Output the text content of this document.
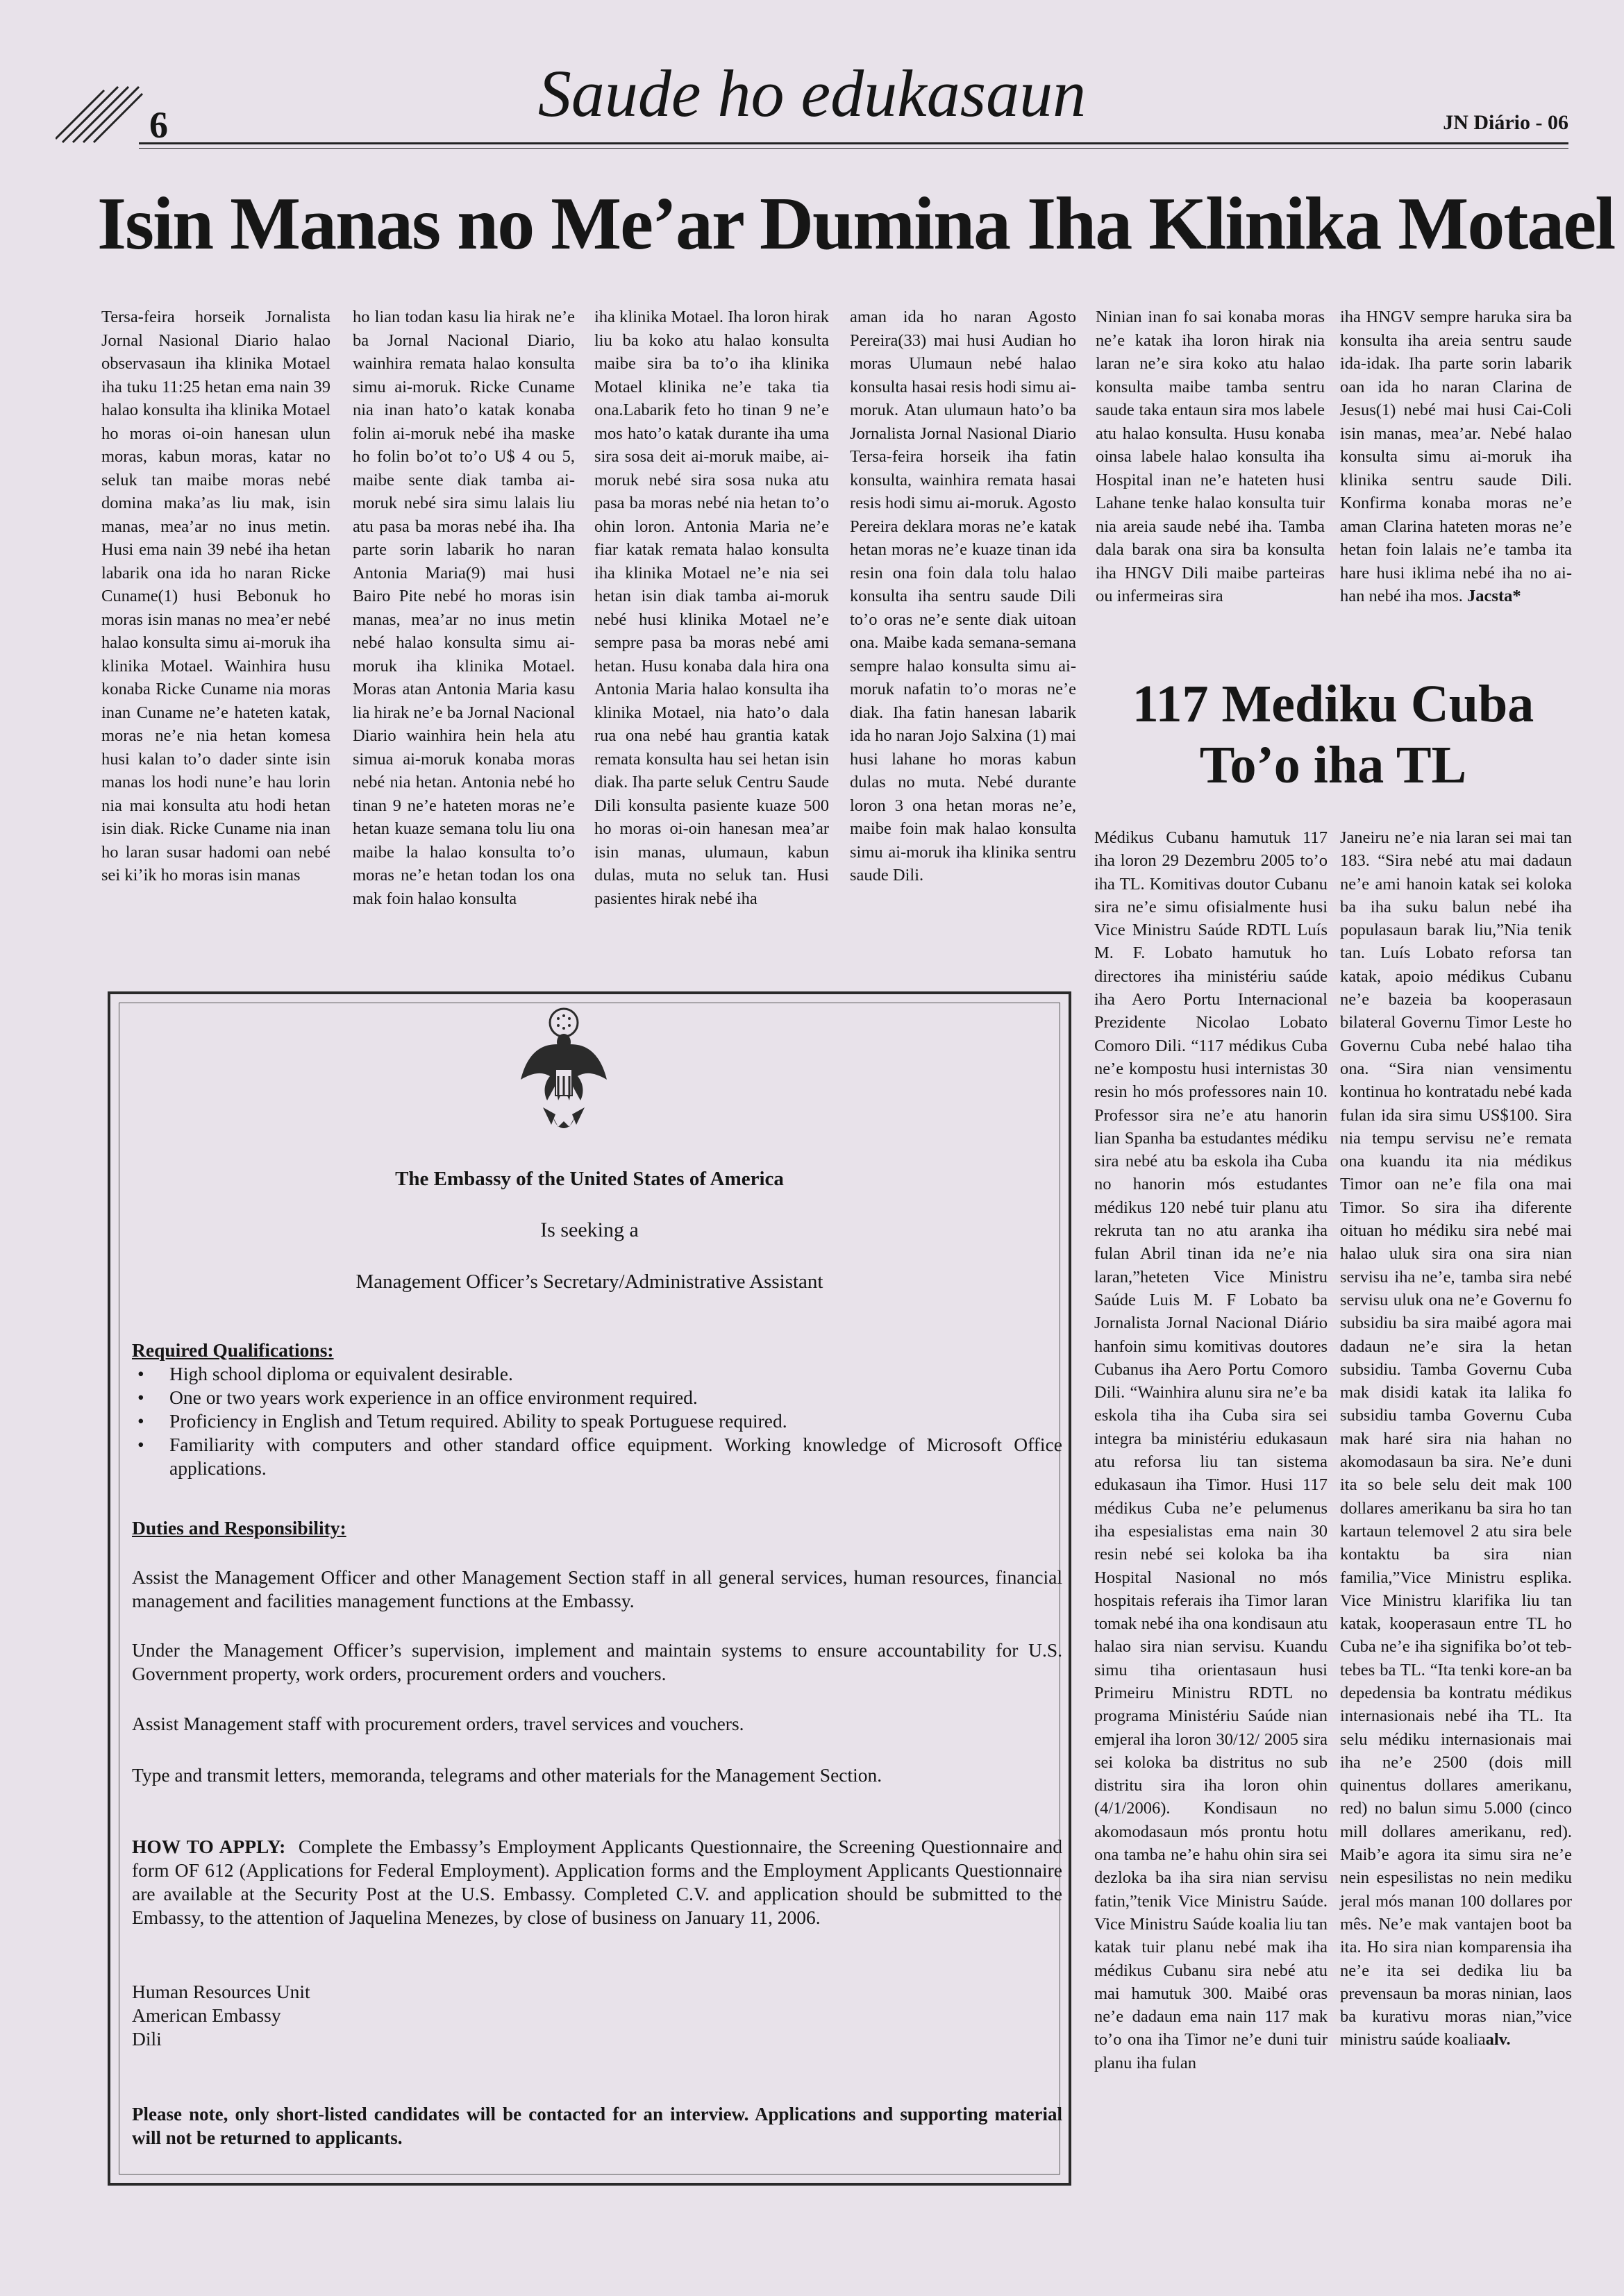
6	Saude ho edukasaun	JN Diário - 06
Isin Manas no Me’ar Dumina Iha Klinika Motael
Tersa-feira horseik Jornalista Jornal Nasional Diario halao observasaun iha klinika Motael iha tuku 11:25 hetan ema nain 39 halao konsulta iha klinika Motael ho moras oi-oin hanesan ulun moras, kabun moras, katar no seluk tan maibe moras nebé domina maka’as liu mak, isin manas, mea’ar no inus metin. Husi ema nain 39 nebé iha hetan labarik ona ida ho naran Ricke Cuname(1) husi Bebonuk ho moras isin manas no mea’er nebé halao konsulta simu ai-moruk iha klinika Motael. Wainhira husu konaba Ricke Cuname nia moras inan Cuname ne’e hateten katak, moras ne’e nia hetan komesa husi kalan to’o dader sinte isin manas los hodi nune’e hau lorin nia mai konsulta atu hodi hetan isin diak. Ricke Cuname nia inan ho laran susar hadomi oan nebé sei ki’ik ho moras isin manas
ho lian todan kasu lia hirak ne’e ba Jornal Nacional Diario, wainhira remata halao konsulta simu ai-moruk. Ricke Cuname nia inan hato’o katak konaba folin ai-moruk nebé iha maske ho folin bo’ot to’o U$ 4 ou 5, maibe sente diak tamba ai-moruk nebé sira simu lalais liu atu pasa ba moras nebé iha. Iha parte sorin labarik ho naran Antonia Maria(9) mai husi Bairo Pite nebé ho moras isin manas, mea’ar no inus metin nebé halao konsulta simu ai-moruk iha klinika Motael. Moras atan Antonia Maria kasu lia hirak ne’e ba Jornal Nacional Diario wainhira hein hela atu simua ai-moruk konaba moras nebé nia hetan. Antonia nebé ho tinan 9 ne’e hateten moras ne’e hetan kuaze semana tolu liu ona maibe la halao konsulta to’o moras ne’e hetan todan los ona mak foin halao konsulta
iha klinika Motael. Iha loron hirak liu ba koko atu halao konsulta maibe sira ba to’o iha klinika Motael klinika ne’e taka tia ona.Labarik feto ho tinan 9 ne’e mos hato’o katak durante iha uma sira sosa deit ai-moruk maibe, ai-moruk nebé sira sosa nuka atu pasa ba moras nebé nia hetan to’o ohin loron. Antonia Maria ne’e fiar katak remata halao konsulta iha klinika Motael ne’e nia sei hetan isin diak tamba ai-moruk nebé husi klinika Motael ne’e sempre pasa ba moras nebé ami hetan. Husu konaba dala hira ona Antonia Maria halao konsulta iha klinika Motael, nia hato’o dala rua ona nebé hau grantia katak remata konsulta hau sei hetan isin diak. Iha parte seluk Centru Saude Dili konsulta pasiente kuaze 500 ho moras oi-oin hanesan mea’ar isin manas, ulumaun, kabun dulas, muta no seluk tan. Husi pasientes hirak nebé iha
aman ida ho naran Agosto Pereira(33) mai husi Audian ho moras Ulumaun nebé halao konsulta hasai resis hodi simu ai-moruk. Atan ulumaun hato’o ba Jornalista Jornal Nasional Diario Tersa-feira horseik iha fatin konsulta, wainhira remata hasai resis hodi simu ai-moruk. Agosto Pereira deklara moras ne’e katak hetan moras ne’e kuaze tinan ida resin ona foin dala tolu halao konsulta iha sentru saude Dili to’o oras ne’e sente diak uitoan ona. Maibe kada semana-semana sempre halao konsulta simu ai-moruk nafatin to’o moras ne’e diak. Iha fatin hanesan labarik ida ho naran Jojo Salxina (1) mai husi lahane ho moras kabun dulas no muta. Nebé durante loron 3 ona hetan moras ne’e, maibe foin mak halao konsulta simu ai-moruk iha klinika sentru saude Dili.
Ninian inan fo sai konaba moras ne’e katak iha loron hirak nia laran ne’e sira koko atu halao konsulta maibe tamba sentru saude taka entaun sira mos labele atu halao konsulta. Husu konaba oinsa labele halao konsulta iha Hospital inan ne’e hateten husi Lahane tenke halao konsulta tuir nia areia saude nebé iha. Tamba dala barak ona sira ba konsulta iha HNGV Dili maibe parteiras ou infermeiras sira
iha HNGV sempre haruka sira ba konsulta iha areia sentru saude ida-idak. Iha parte sorin labarik oan ida ho naran Clarina de Jesus(1) nebé mai husi Cai-Coli isin manas, mea’ar. Nebé halao konsulta simu ai-moruk iha klinika sentru saude Dili. Konfirma konaba moras ne’e aman Clarina hateten moras ne’e hetan foin lalais ne’e tamba ita hare husi iklima nebé iha no ai-han nebé iha mos. Jacsta*
117 Mediku Cuba
To’o iha TL
Médikus Cubanu hamutuk 117 iha loron 29 Dezembru 2005 to’o iha TL. Komitivas doutor Cubanu sira ne’e simu ofisialmente husi Vice Ministru Saúde RDTL Luís M. F. Lobato hamutuk ho directores iha ministériu saúde iha Aero Portu Internacional Prezidente Nicolao Lobato Comoro Dili. “117 médikus Cuba ne’e kompostu husi internistas 30 resin ho mós professores nain 10. Professor sira ne’e atu hanorin lian Spanha ba estudantes médiku sira nebé atu ba eskola iha Cuba no hanorin mós estudantes médikus 120 nebé tuir planu atu rekruta tan no atu aranka iha fulan Abril tinan ida ne’e nia laran,”heteten Vice Ministru Saúde Luis M. F Lobato ba Jornalista Jornal Nacional Diário hanfoin simu komitivas doutores Cubanus iha Aero Portu Comoro Dili. “Wainhira alunu sira ne’e ba eskola tiha iha Cuba sira sei integra ba ministériu edukasaun atu reforsa liu tan sistema edukasaun iha Timor. Husi 117 médikus Cuba ne’e pelumenus iha espesialistas ema nain 30 resin nebé sei koloka ba iha Hospital Nasional no mós hospitais referais iha Timor laran tomak nebé iha ona kondisaun atu halao sira nian servisu. Kuandu simu tiha orientasaun husi Primeiru Ministru RDTL no programa Ministériu Saúde nian emjeral iha loron 30/12/ 2005 sira sei koloka ba distritus no sub distritu sira iha loron ohin (4/1/2006). Kondisaun no akomodasaun mós prontu hotu ona tamba ne’e hahu ohin sira sei dezloka ba iha sira nian servisu fatin,”tenik Vice Ministru Saúde. Vice Ministru Saúde koalia liu tan katak tuir planu nebé mak iha médikus Cubanu sira nebé atu mai hamutuk 300. Maibé oras ne’e dadaun ema nain 117 mak to’o ona iha Timor ne’e duni tuir planu iha fulan
Janeiru ne’e nia laran sei mai tan 183. “Sira nebé atu mai dadaun ne’e ami hanoin katak sei koloka ba iha suku balun nebé iha populasaun barak liu,”Nia tenik tan. Luís Lobato reforsa tan katak, apoio médikus Cubanu ne’e bazeia ba kooperasaun bilateral Governu Timor Leste ho Governu Cuba nebé halao tiha ona. “Sira nian vensimentu kontinua ho kontratadu nebé kada fulan ida sira simu US$100. Sira nia tempu servisu ne’e remata ona kuandu ita nia médikus Timor oan ne’e fila ona mai Timor. So sira iha diferente oituan ho médiku sira nebé mai halao uluk sira ona sira nian servisu iha ne’e, tamba sira nebé servisu uluk ona ne’e Governu fo subsidiu ba sira maibé agora mai dadaun ne’e sira la hetan subsidiu. Tamba Governu Cuba mak disidi katak ita lalika fo subsidiu tamba Governu Cuba mak haré sira nia hahan no akomodasaun ba sira. Ne’e duni ita so bele selu deit mak 100 dollares amerikanu ba sira ho tan kartaun telemovel 2 atu sira bele kontaktu ba sira nian familia,”Vice Ministru esplika. Vice Ministru klarifika liu tan katak, kooperasaun entre TL ho Cuba ne’e iha signifika bo’ot teb-tebes ba TL. “Ita tenki kore-an ba depedensia ba kontratu médikus internasionais nebé iha TL. Ita selu médiku internasionais mai iha ne’e 2500 (dois mill quinentus dollares amerikanu, red) no balun simu 5.000 (cinco mill dollares amerikanu, red). Maib’e agora ita simu sira ne’e nein espesilistas no nein mediku jeral mós manan 100 dollares por mês. Ne’e mak vantajen boot ba ita. Ho sira nian komparensia iha ne’e ita sei dedika liu ba prevensaun ba moras ninian, laos ba kurativu moras nian,”vice ministru saúde koaliaalv.
The Embassy of the United States of America
Is seeking a
Management Officer’s Secretary/Administrative Assistant
Required Qualifications:
• High school diploma or equivalent desirable.
• One or two years work experience in an office environment required.
• Proficiency in English and Tetum required. Ability to speak Portuguese required.
• Familiarity with computers and other standard office equipment. Working knowledge of Microsoft Office applications.
Duties and Responsibility:
Assist the Management Officer and other Management Section staff in all general services, human resources, financial management and facilities management functions at the Embassy.
Under the Management Officer’s supervision, implement and maintain systems to ensure accountability for U.S. Government property, work orders, procurement orders and vouchers.
Assist Management staff with procurement orders, travel services and vouchers.
Type and transmit letters, memoranda, telegrams and other materials for the Management Section.
HOW TO APPLY: Complete the Embassy’s Employment Applicants Questionnaire, the Screening Questionnaire and form OF 612 (Applications for Federal Employment). Application forms and the Employment Applicants Questionnaire are available at the Security Post at the U.S. Embassy. Completed C.V. and application should be submitted to the Embassy, to the attention of Jaquelina Menezes, by close of business on January 11, 2006.
Human Resources Unit
American Embassy
Dili
Please note, only short-listed candidates will be contacted for an interview. Applications and supporting material will not be returned to applicants.
